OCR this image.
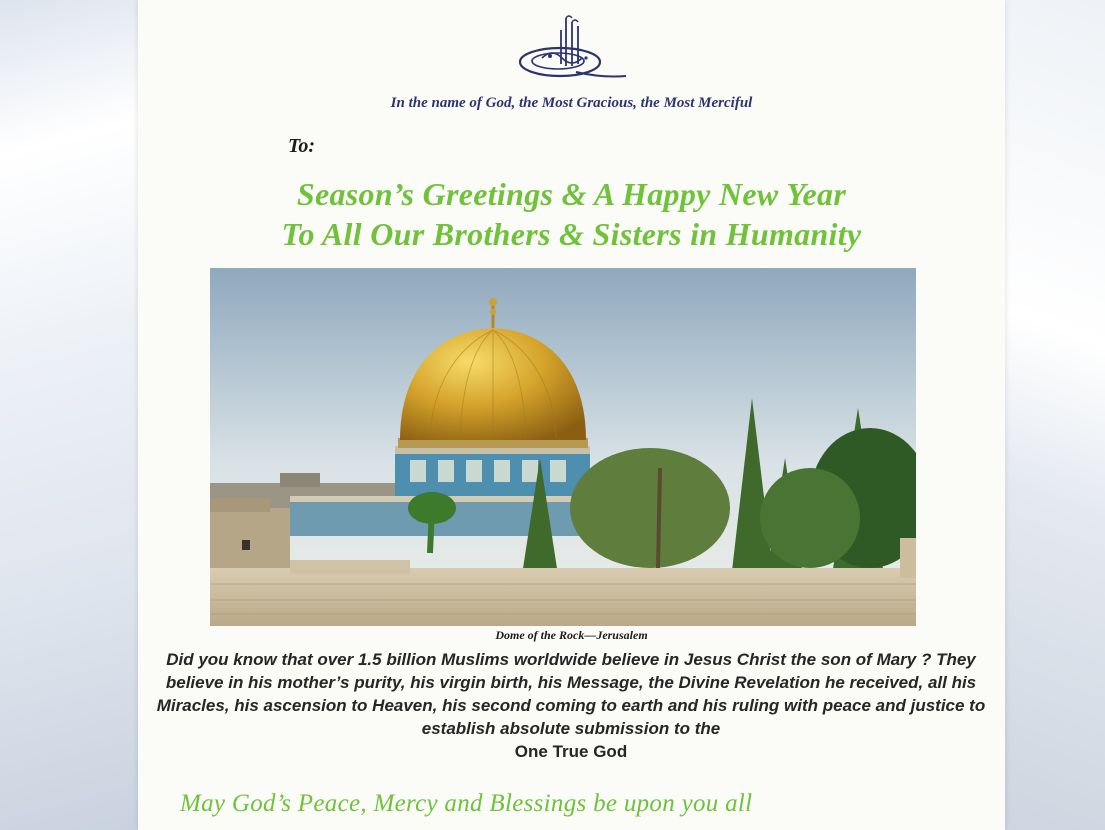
In the name of God, the Most Gracious, the Most Merciful
To:
Season’s Greetings & A Happy New Year
To All Our Brothers & Sisters in Humanity
Dome of the Rock—Jerusalem
Did you know that over 1.5 billion Muslims worldwide believe in Jesus Christ the son of Mary ? They believe in his mother’s purity, his virgin birth, his Message, the Divine Revelation he received, all his Miracles, his ascension to Heaven, his second coming to earth and his ruling with peace and justice to establish absolute submission to the
One True God
May God’s Peace, Mercy and Blessings be upon you all
